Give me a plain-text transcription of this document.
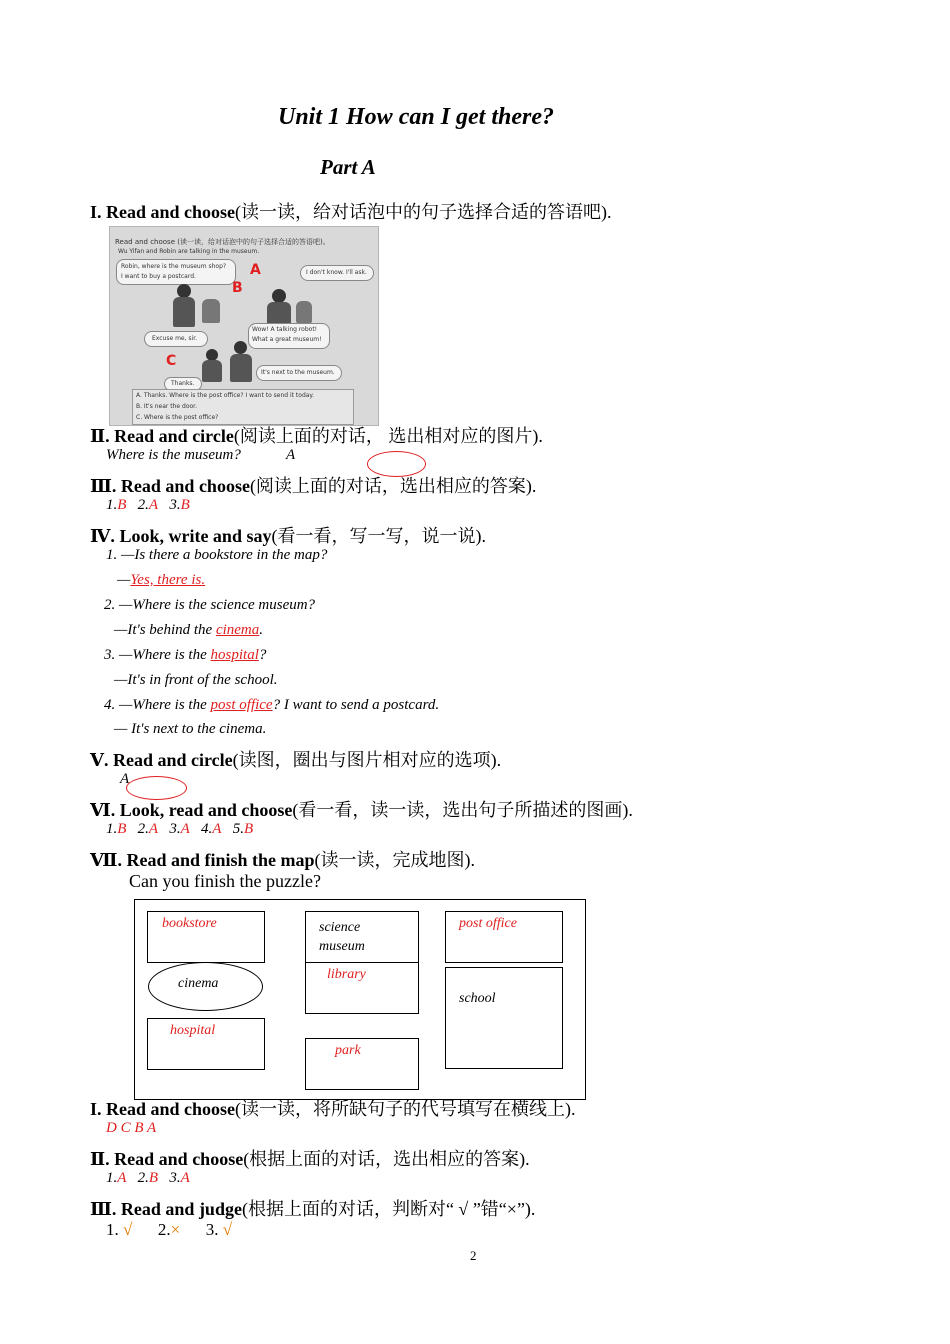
Unit 1 How can I get there?
Part A
I. Read and choose(读一读，给对话泡中的句子选择合适的答语吧).
Read and choose (读一读，给对话泡中的句子选择合适的答语吧)。
Wu Yifan and Robin are talking in the museum.
Robin, where is the museum shop?
I want to buy a postcard.
I don't know. I'll ask.
A
B
Excuse me, sir.
Wow! A talking robot!
What a great museum!
C
It's next to the museum.
Thanks.
A. Thanks. Where is the post office? I want to send it today.
B. It's near the door.
C. Where is the post office?
Ⅱ. Read and circle(阅读上面的对话， 选出相对应的图片).
Where is the museum?	A
Ⅲ. Read and choose(阅读上面的对话，选出相应的答案).
1.B 2.A 3.B
Ⅳ. Look, write and say(看一看，写一写，说一说).
1. —Is there a bookstore in the map?
—Yes, there is.
2. —Where is the science museum?
—It's behind the cinema.
3. —Where is the hospital?
—It's in front of the school.
4. —Where is the post office? I want to send a postcard.
— It's next to the cinema.
Ⅴ. Read and circle(读图，圈出与图片相对应的选项).
A
Ⅵ. Look, read and choose(看一看，读一读，选出句子所描述的图画).
1.B 2.A 3.A 4.A 5.B
Ⅶ. Read and finish the map(读一读，完成地图).
Can you finish the puzzle?
bookstore	science
museum
post office
cinema
library
school
hospital
park
I. Read and choose(读一读，将所缺句子的代号填写在横线上).
D C B A
Ⅱ. Read and choose(根据上面的对话，选出相应的答案).
1.A 2.B 3.A
Ⅲ. Read and judge(根据上面的对话，判断对“ √ ”错“×”).
1. √ 2.× 3. √
2
